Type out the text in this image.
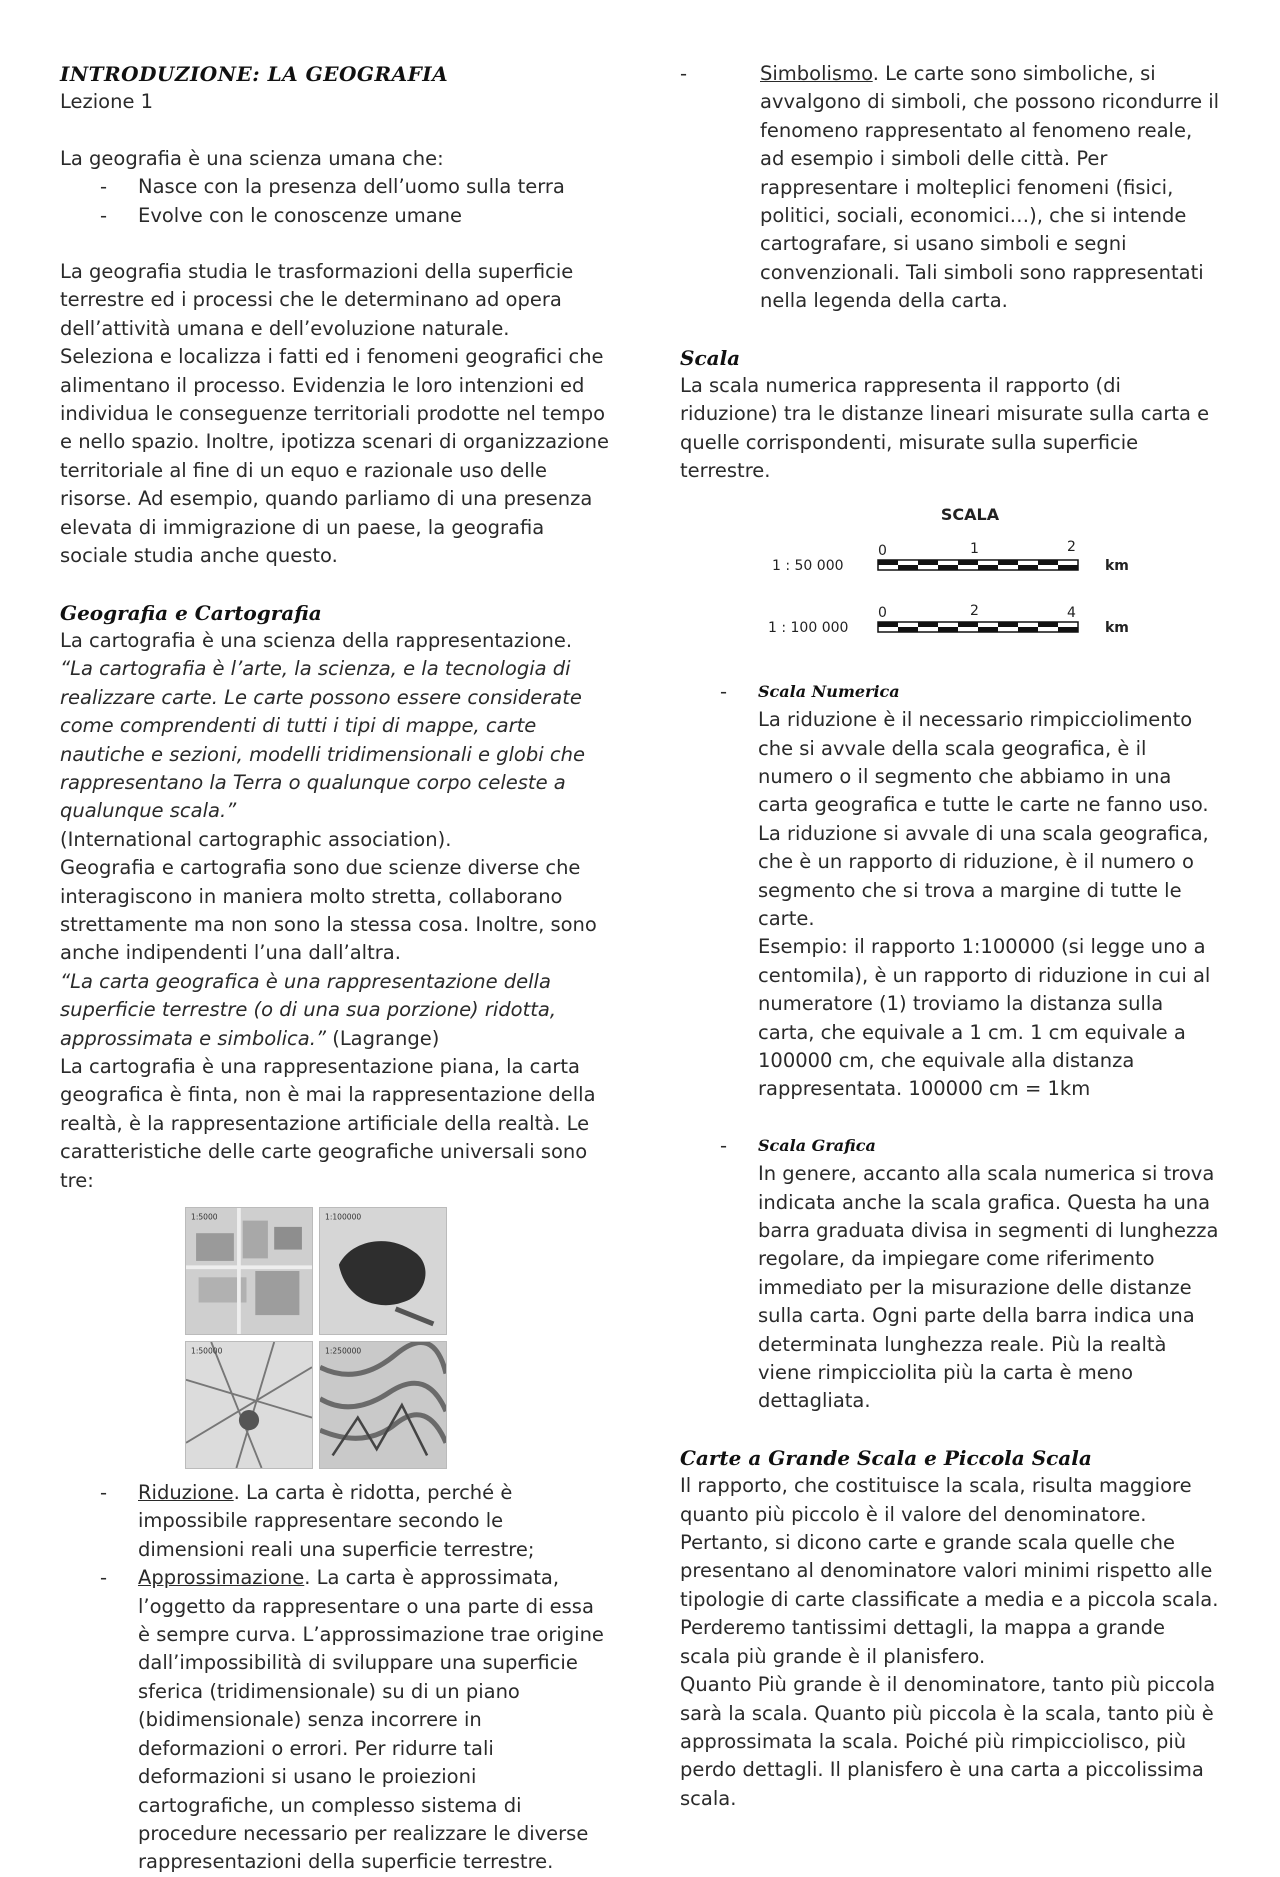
INTRODUZIONE: LA GEOGRAFIA

Lezione 1

La geografia è una scienza umana che:

- Nasce con la presenza dell’uomo sulla terra
- Evolve con le conoscenze umane

La geografia studia le trasformazioni della superficie terrestre ed i processi che le determinano ad opera dell’attività umana e dell’evoluzione naturale.

Seleziona e localizza i fatti ed i fenomeni geografici che alimentano il processo. Evidenzia le loro intenzioni ed individua le conseguenze territoriali prodotte nel tempo e nello spazio. Inoltre, ipotizza scenari di organizzazione territoriale al fine di un equo e razionale uso delle risorse. Ad esempio, quando parliamo di una presenza elevata di immigrazione di un paese, la geografia sociale studia anche questo.

Geografia e Cartografia

La cartografia è una scienza della rappresentazione.

“La cartografia è l’arte, la scienza, e la tecnologia di realizzare carte. Le carte possono essere considerate come comprendenti di tutti i tipi di mappe, carte nautiche e sezioni, modelli tridimensionali e globi che rappresentano la Terra o qualunque corpo celeste a qualunque scala.”

(International cartographic association).

Geografia e cartografia sono due scienze diverse che interagiscono in maniera molto stretta, collaborano strettamente ma non sono la stessa cosa. Inoltre, sono anche indipendenti l’una dall’altra.

“La carta geografica è una rappresentazione della superficie terrestre (o di una sua porzione) ridotta, approssimata e simbolica.” (Lagrange)

La cartografia è una rappresentazione piana, la carta geografica è finta, non è mai la rappresentazione della realtà, è la rappresentazione artificiale della realtà. Le caratteristiche delle carte geografiche universali sono tre:

1:5000	1:100000
1:50000	1:250000
- Riduzione. La carta è ridotta, perché è impossibile rappresentare secondo le dimensioni reali una superficie terrestre;
- Approssimazione. La carta è approssimata, l’oggetto da rappresentare o una parte di essa è sempre curva. L’approssimazione trae origine dall’impossibilità di sviluppare una superficie sferica (tridimensionale) su di un piano (bidimensionale) senza incorrere in deformazioni o errori. Per ridurre tali deformazioni si usano le proiezioni cartografiche, un complesso sistema di procedure necessario per realizzare le diverse rappresentazioni della superficie terrestre.
- Simbolismo. Le carte sono simboliche, si avvalgono di simboli, che possono ricondurre il fenomeno rappresentato al fenomeno reale, ad esempio i simboli delle città. Per rappresentare i molteplici fenomeni (fisici, politici, sociali, economici…), che si intende cartografare, si usano simboli e segni convenzionali. Tali simboli sono rappresentati nella legenda della carta.

Scala

La scala numerica rappresenta il rapporto (di riduzione) tra le distanze lineari misurate sulla carta e quelle corrispondenti, misurate sulla superficie terrestre.

SCALA
1 : 50 000
0	1	2
km
1 : 100 000
0	2	4
km

- Scala Numerica

La riduzione è il necessario rimpicciolimento che si avvale della scala geografica, è il numero o il segmento che abbiamo in una carta geografica e tutte le carte ne fanno uso.

La riduzione si avvale di una scala geografica, che è un rapporto di riduzione, è il numero o segmento che si trova a margine di tutte le carte.

Esempio: il rapporto 1:100000 (si legge uno a centomila), è un rapporto di riduzione in cui al numeratore (1) troviamo la distanza sulla carta, che equivale a 1 cm. 1 cm equivale a 100000 cm, che equivale alla distanza rappresentata. 100000 cm = 1km

- Scala Grafica

In genere, accanto alla scala numerica si trova indicata anche la scala grafica. Questa ha una barra graduata divisa in segmenti di lunghezza regolare, da impiegare come riferimento immediato per la misurazione delle distanze sulla carta. Ogni parte della barra indica una determinata lunghezza reale. Più la realtà viene rimpicciolita più la carta è meno dettagliata.

Carte a Grande Scala e Piccola Scala

Il rapporto, che costituisce la scala, risulta maggiore quanto più piccolo è il valore del denominatore. Pertanto, si dicono carte e grande scala quelle che presentano al denominatore valori minimi rispetto alle tipologie di carte classificate a media e a piccola scala. Perderemo tantissimi dettagli, la mappa a grande scala più grande è il planisfero.

Quanto Più grande è il denominatore, tanto più piccola sarà la scala. Quanto più piccola è la scala, tanto più è approssimata la scala. Poiché più rimpicciolisco, più perdo dettagli. Il planisfero è una carta a piccolissima scala.
